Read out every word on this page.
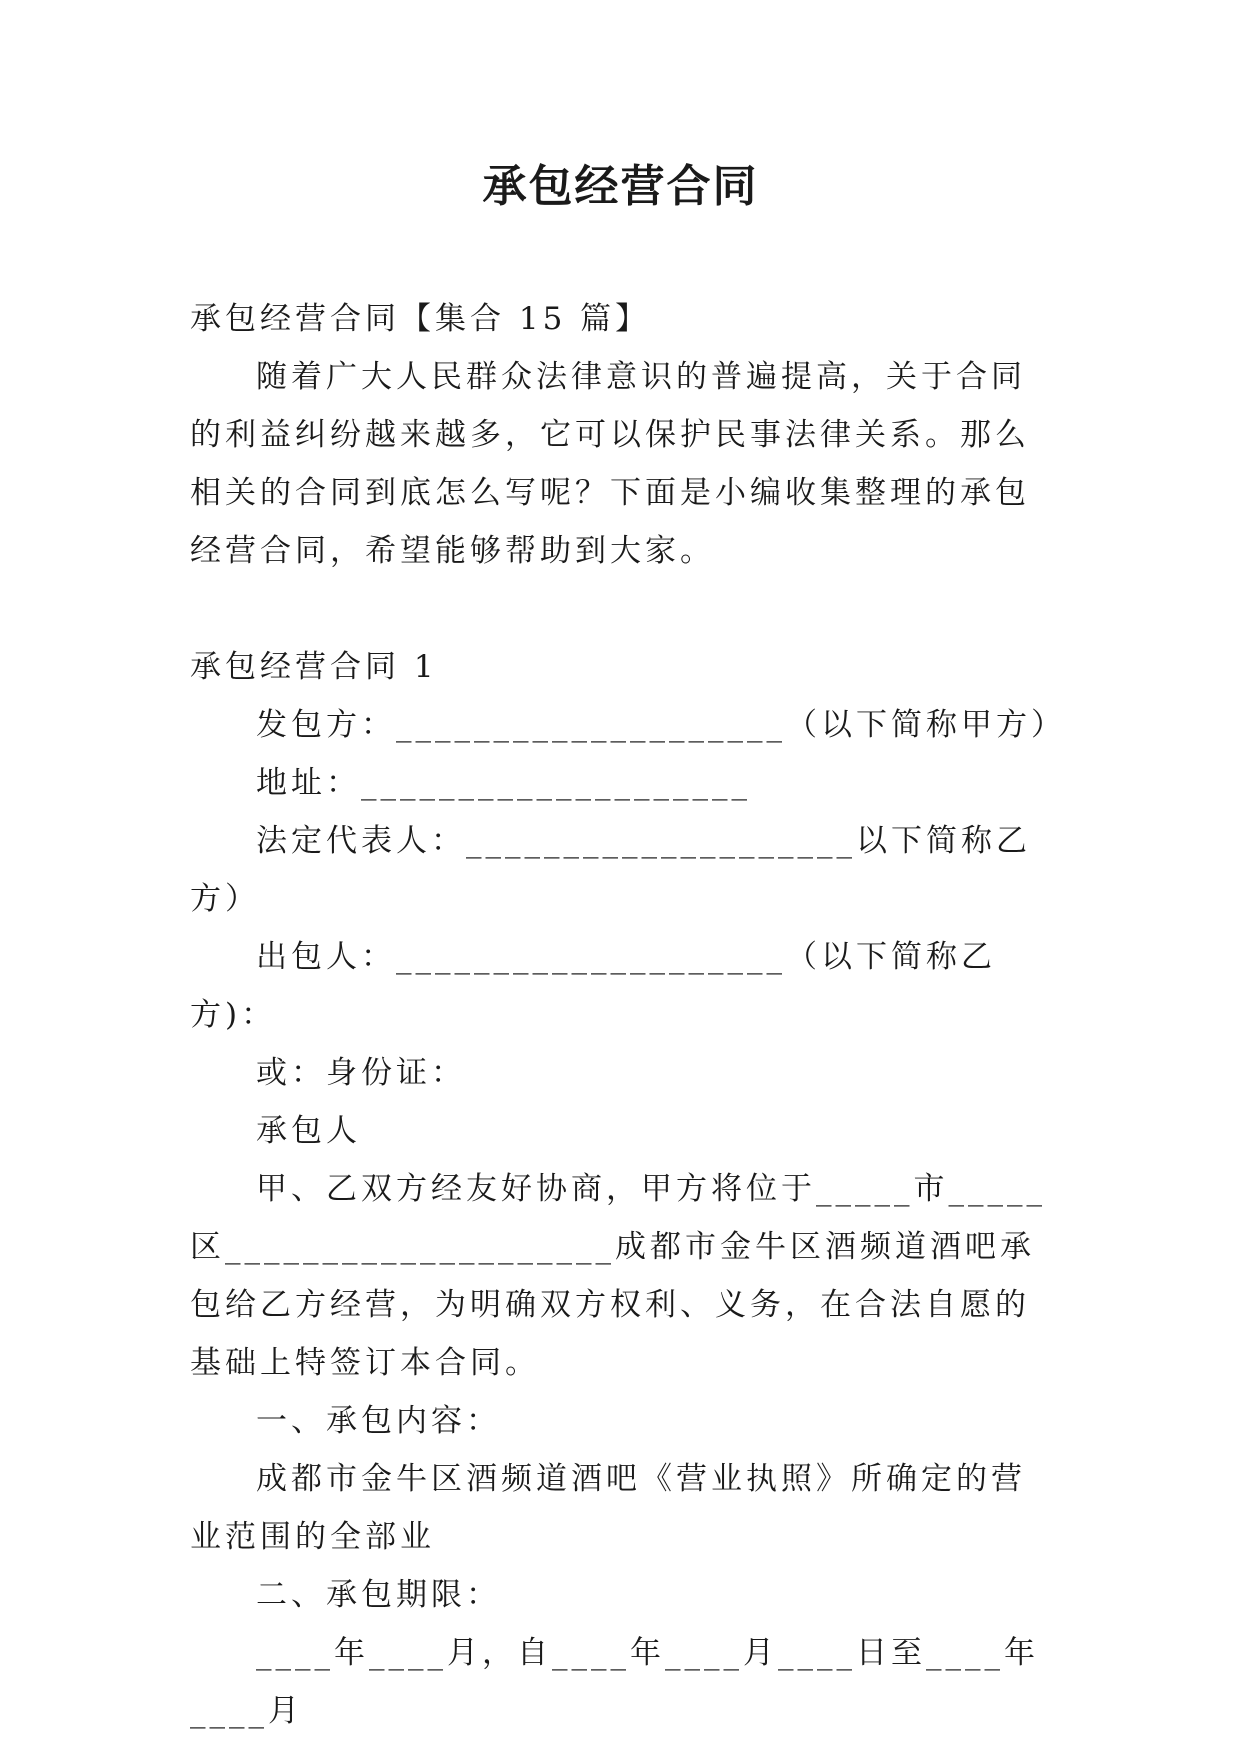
承包经营合同

承包经营合同【集合 15 篇】

随着广大人民群众法律意识的普遍提高，关于合同的利益纠纷越来越多，它可以保护民事法律关系。那么相关的合同到底怎么写呢？下面是小编收集整理的承包经营合同，希望能够帮助到大家。

承包经营合同 1

发包方：____________________（以下简称甲方）

地址：____________________

法定代表人：____________________以下简称乙方）

出包人：____________________（以下简称乙方)：

或：身份证：

承包人

甲、乙双方经友好协商，甲方将位于_____市_____区____________________成都市金牛区酒频道酒吧承包给乙方经营，为明确双方权利、义务，在合法自愿的基础上特签订本合同。

一、承包内容：

成都市金牛区酒频道酒吧《营业执照》所确定的营业范围的全部业

二、承包期限：

____年____月，自____年____月____日至____年____月
